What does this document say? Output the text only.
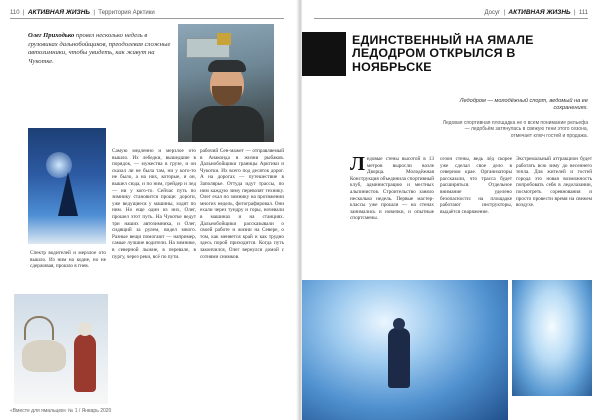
110  |  АКТИВНАЯ ЖИЗНЬ  |  Территория Арктики
Олег Приходько провел несколько недель в грузовиках дальнобойщиков, преодолевая сложные автозимники, чтобы увидеть, как живут на Чукотке.
Спектр водителей и мерзлое ото вышло. Из ним на кодне, но не сдерживая, прошло в гнев.
Самую медленно и мерзлое ото вышло. Их лебедки, вышедшие в порядок, — мужества в грузе, и он сказал ли не была там, ни у кого-то не было, а на них, которые, и он, вышел сюда, и по ним, грейдер и лед — ни у кого-то. Сейчас путь по зимнику становится проще: дороги, уже ведущиеся у машины, ходят по ним. Но еще один из них, Олег, прошел этот путь. На Чукотке ведут три наших автозимника, и Олег, сидящий за рулем, видел много. Разные вещи помогают — например, самые лучшие водители. На зимнике, в северной лыжне, в перевале, в пургу, через реки, всё по пути.
рабочий Сен-мажет — отправляемый в Анаконда в жизни рыбаков. Дальнобойщики границы Арктики и Чукотки. Их всего под десяток дорог. А на дорогах — путешествие в Заполярье. Оттуда идут трассы, по ним каждую зиму перевозят технику. Олег ехал по зимнику на протяжении многих недель, фотографировал. Они ехали через тундру и горы, ночевали в машинах и на станциях. Дальнобойщики рассказывали о своей работе и жизни на Севере, о том, как меняется край и как трудно здесь порой приходится. Когда путь закончился, Олег вернулся домой с сотнями снимков.
«Вместе для ямальцев» № 1 / Январь 2020
Досуг  |  АКТИВНАЯ ЖИЗНЬ  |  111
ЕДИНСТВЕННЫЙ НА ЯМАЛЕ ЛЕДОДРОМ ОТКРЫЛСЯ В НОЯБРЬСКЕ
Ледодром — молодёжный спорт, ведомый на ее сохранениях.
Ледовая спортивная площадка не о всем понимание рельефа — ледобьём затянулась в свежую тени этого сезона, отмечает ключ гостей и продажа.
Л едовые стены высотой в 13 метров выросли возле Дворца. Молодёжная Конструкция объединила спортивный клуб, администрацию и местных альпинистов. Строительство заняло несколько недель. Первые мастер-классы уже прошли — на стенах занимались и новички, и опытные спортсмены.
сезон стены, ведь лёд скорее уже сделал свое дело в северном крае. Организаторы рассказали, что трасса будет расширяться. Отдельное внимание уделено безопасности: на площадке работают инструкторы, выдаётся снаряжение.
Экстремальный аттракцион будет работать всю зиму до весеннего тепла. Для жителей и гостей города это новая возможность попробовать себя в ледолазании, посмотреть соревнования и просто провести время на свежем воздухе.
